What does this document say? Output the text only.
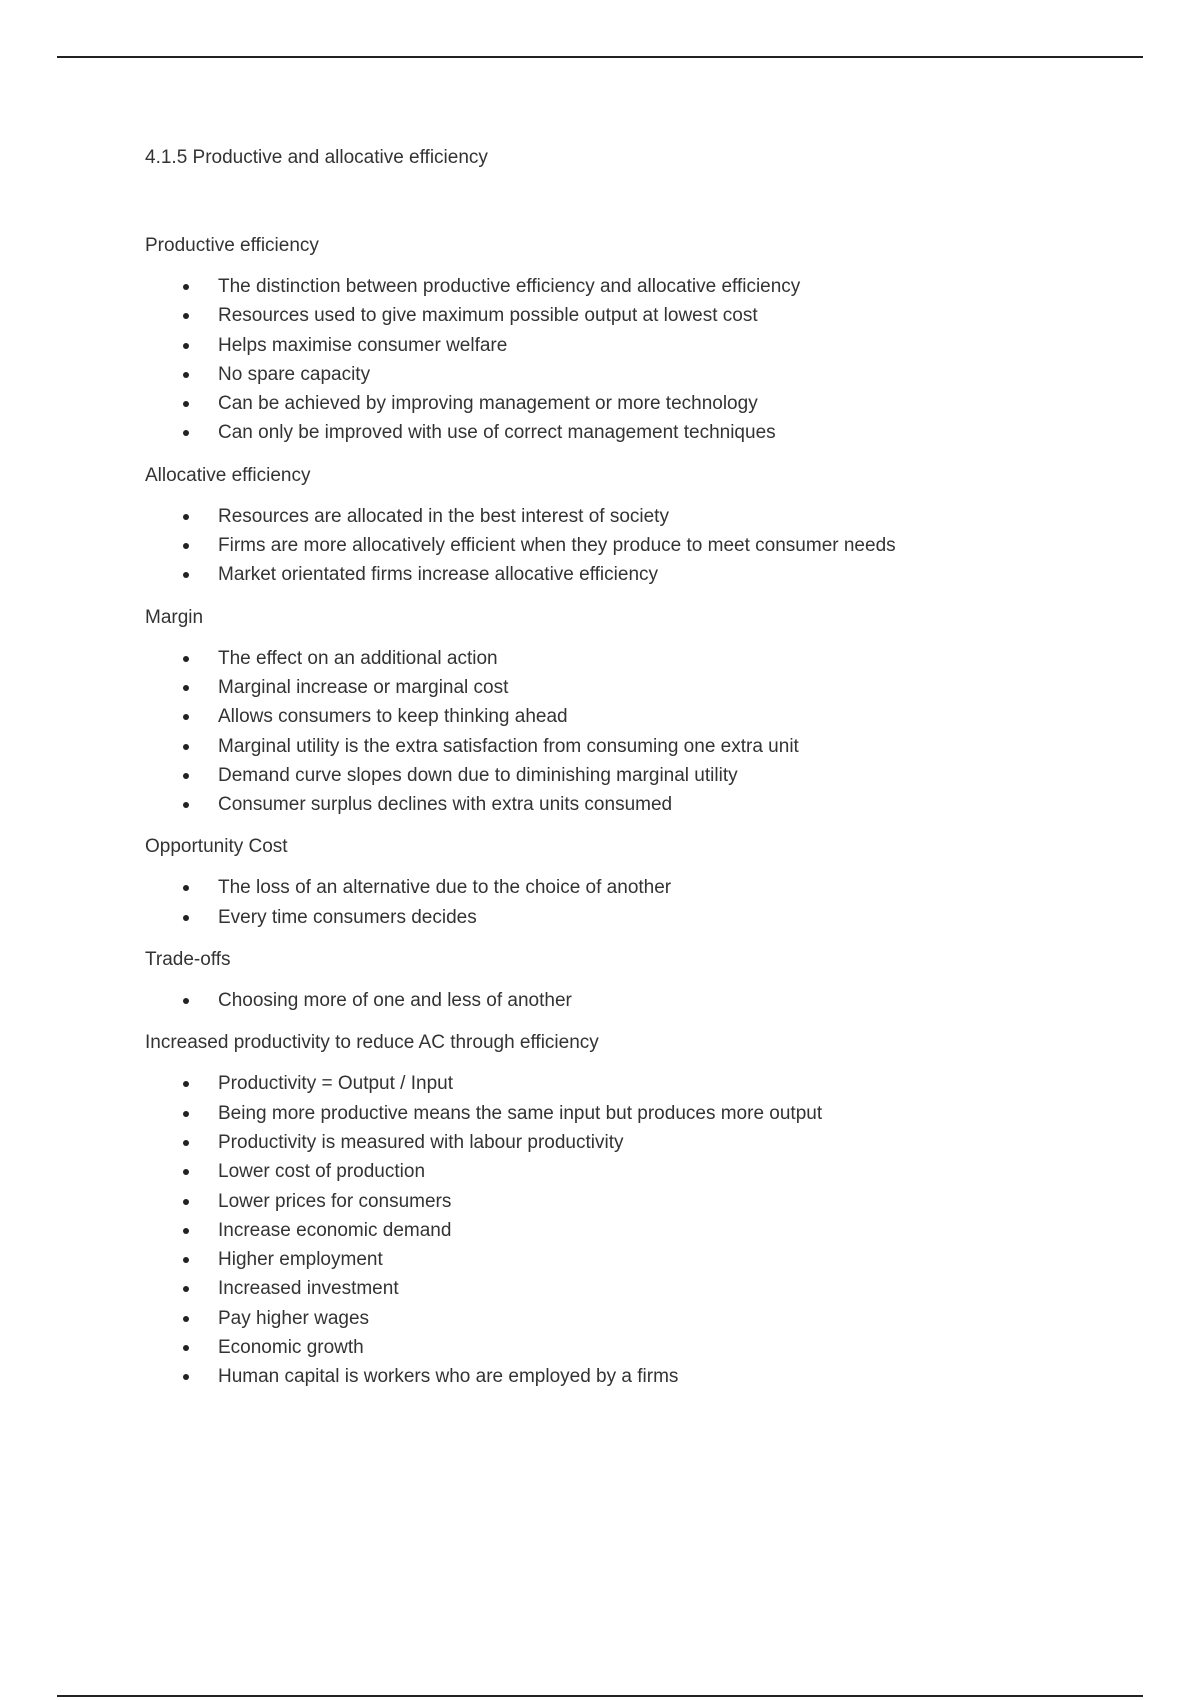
4.1.5 Productive and allocative efficiency
Productive efficiency
The distinction between productive efficiency and allocative efficiency
Resources used to give maximum possible output at lowest cost
Helps maximise consumer welfare
No spare capacity
Can be achieved by improving management or more technology
Can only be improved with use of correct management techniques
Allocative efficiency
Resources are allocated in the best interest of society
Firms are more allocatively efficient when they produce to meet consumer needs
Market orientated firms increase allocative efficiency
Margin
The effect on an additional action
Marginal increase or marginal cost
Allows consumers to keep thinking ahead
Marginal utility is the extra satisfaction from consuming one extra unit
Demand curve slopes down due to diminishing marginal utility
Consumer surplus declines with extra units consumed
Opportunity Cost
The loss of an alternative due to the choice of another
Every time consumers decides
Trade-offs
Choosing more of one and less of another
Increased productivity to reduce AC through efficiency
Productivity = Output / Input
Being more productive means the same input but produces more output
Productivity is measured with labour productivity
Lower cost of production
Lower prices for consumers
Increase economic demand
Higher employment
Increased investment
Pay higher wages
Economic growth
Human capital is workers who are employed by a firms
